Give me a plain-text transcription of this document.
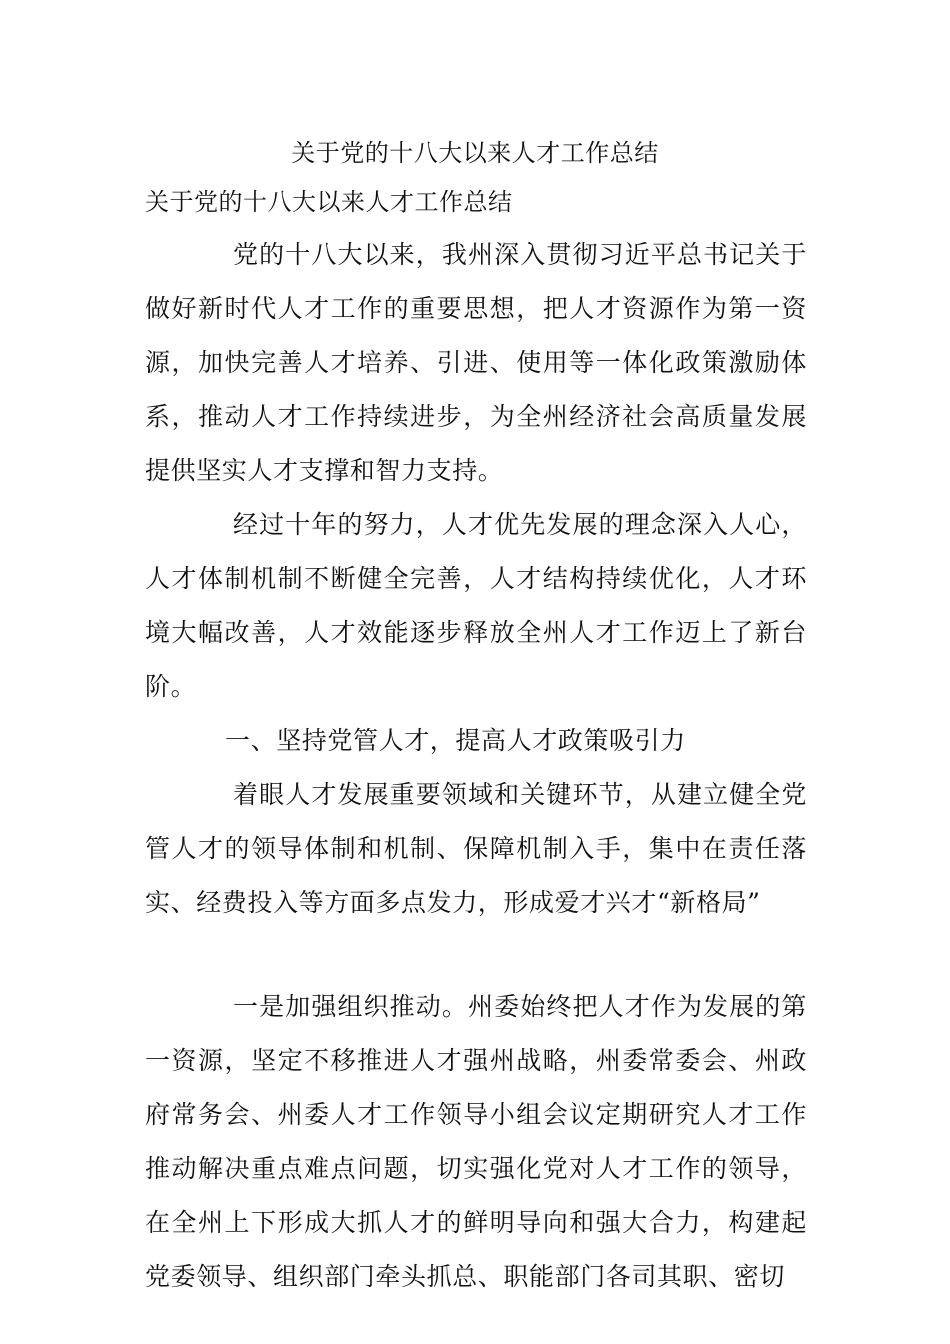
关于党的十八大以来人才工作总结
关于党的十八大以来人才工作总结

党的十八大以来，我州深入贯彻习近平总书记关于做好新时代人才工作的重要思想，把人才资源作为第一资源，加快完善人才培养、引进、使用等一体化政策激励体系，推动人才工作持续进步，为全州经济社会高质量发展提供坚实人才支撑和智力支持。

经过十年的努力，人才优先发展的理念深入人心，人才体制机制不断健全完善，人才结构持续优化，人才环境大幅改善，人才效能逐步释放全州人才工作迈上了新台阶。

一、坚持党管人才，提高人才政策吸引力

着眼人才发展重要领域和关键环节，从建立健全党管人才的领导体制和机制、保障机制入手，集中在责任落实、经费投入等方面多点发力，形成爱才兴才“新格局”

一是加强组织推动。州委始终把人才作为发展的第一资源，坚定不移推进人才强州战略，州委常委会、州政府常务会、州委人才工作领导小组会议定期研究人才工作推动解决重点难点问题，切实强化党对人才工作的领导，在全州上下形成大抓人才的鲜明导向和强大合力，构建起党委领导、组织部门牵头抓总、职能部门各司其职、密切
